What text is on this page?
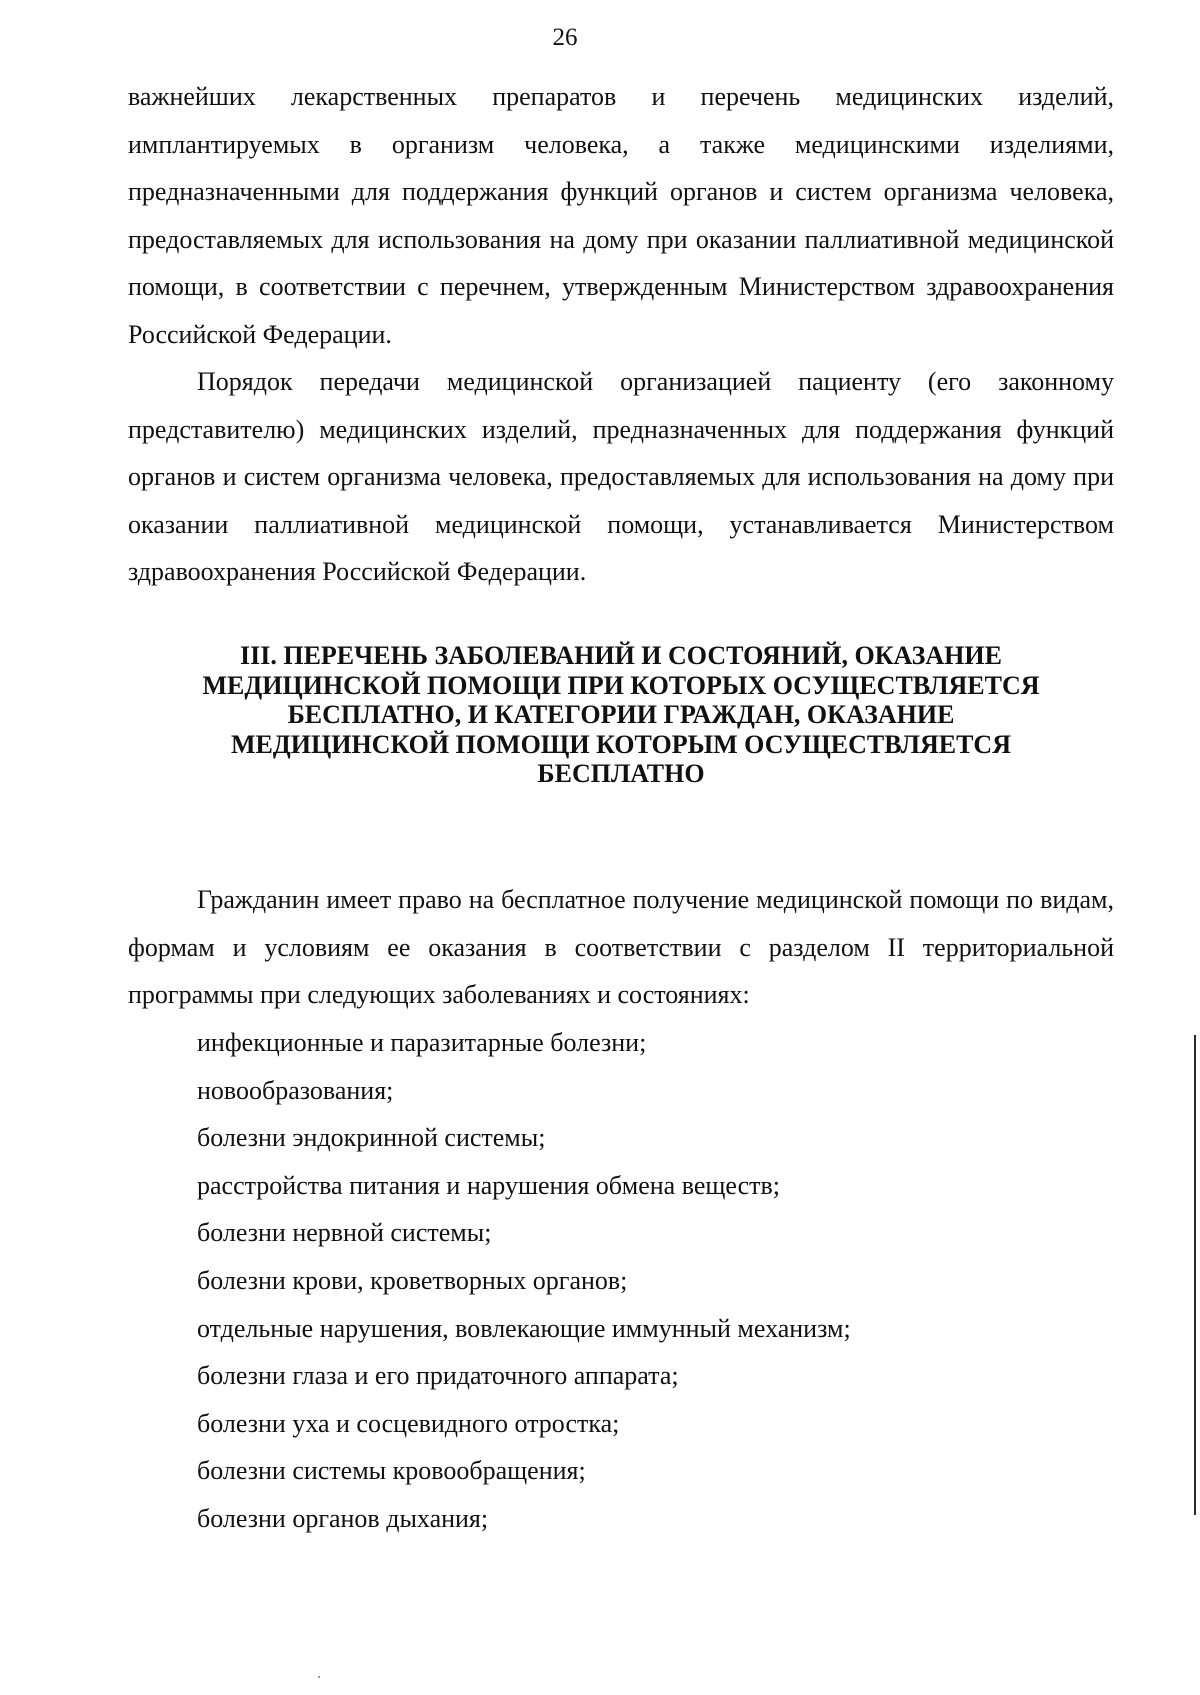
26

важнейших лекарственных препаратов и перечень медицинских изделий, имплантируемых в организм человека, а также медицинскими изделиями, предназначенными для поддержания функций органов и систем организма человека, предоставляемых для использования на дому при оказании паллиативной медицинской помощи, в соответствии с перечнем, утвержденным Министерством здравоохранения Российской Федерации.

Порядок передачи медицинской организацией пациенту (его законному представителю) медицинских изделий, предназначенных для поддержания функций органов и систем организма человека, предоставляемых для использования на дому при оказании паллиативной медицинской помощи, устанавливается Министерством здравоохранения Российской Федерации.

III. ПЕРЕЧЕНЬ ЗАБОЛЕВАНИЙ И СОСТОЯНИЙ, ОКАЗАНИЕ
МЕДИЦИНСКОЙ ПОМОЩИ ПРИ КОТОРЫХ ОСУЩЕСТВЛЯЕТСЯ
БЕСПЛАТНО, И КАТЕГОРИИ ГРАЖДАН, ОКАЗАНИЕ
МЕДИЦИНСКОЙ ПОМОЩИ КОТОРЫМ ОСУЩЕСТВЛЯЕТСЯ
БЕСПЛАТНО

Гражданин имеет право на бесплатное получение медицинской помощи по видам, формам и условиям ее оказания в соответствии с разделом II территориальной программы при следующих заболеваниях и состояниях:

инфекционные и паразитарные болезни;
новообразования;
болезни эндокринной системы;
расстройства питания и нарушения обмена веществ;
болезни нервной системы;
болезни крови, кроветворных органов;
отдельные нарушения, вовлекающие иммунный механизм;
болезни глаза и его придаточного аппарата;
болезни уха и сосцевидного отростка;
болезни системы кровообращения;
болезни органов дыхания;
